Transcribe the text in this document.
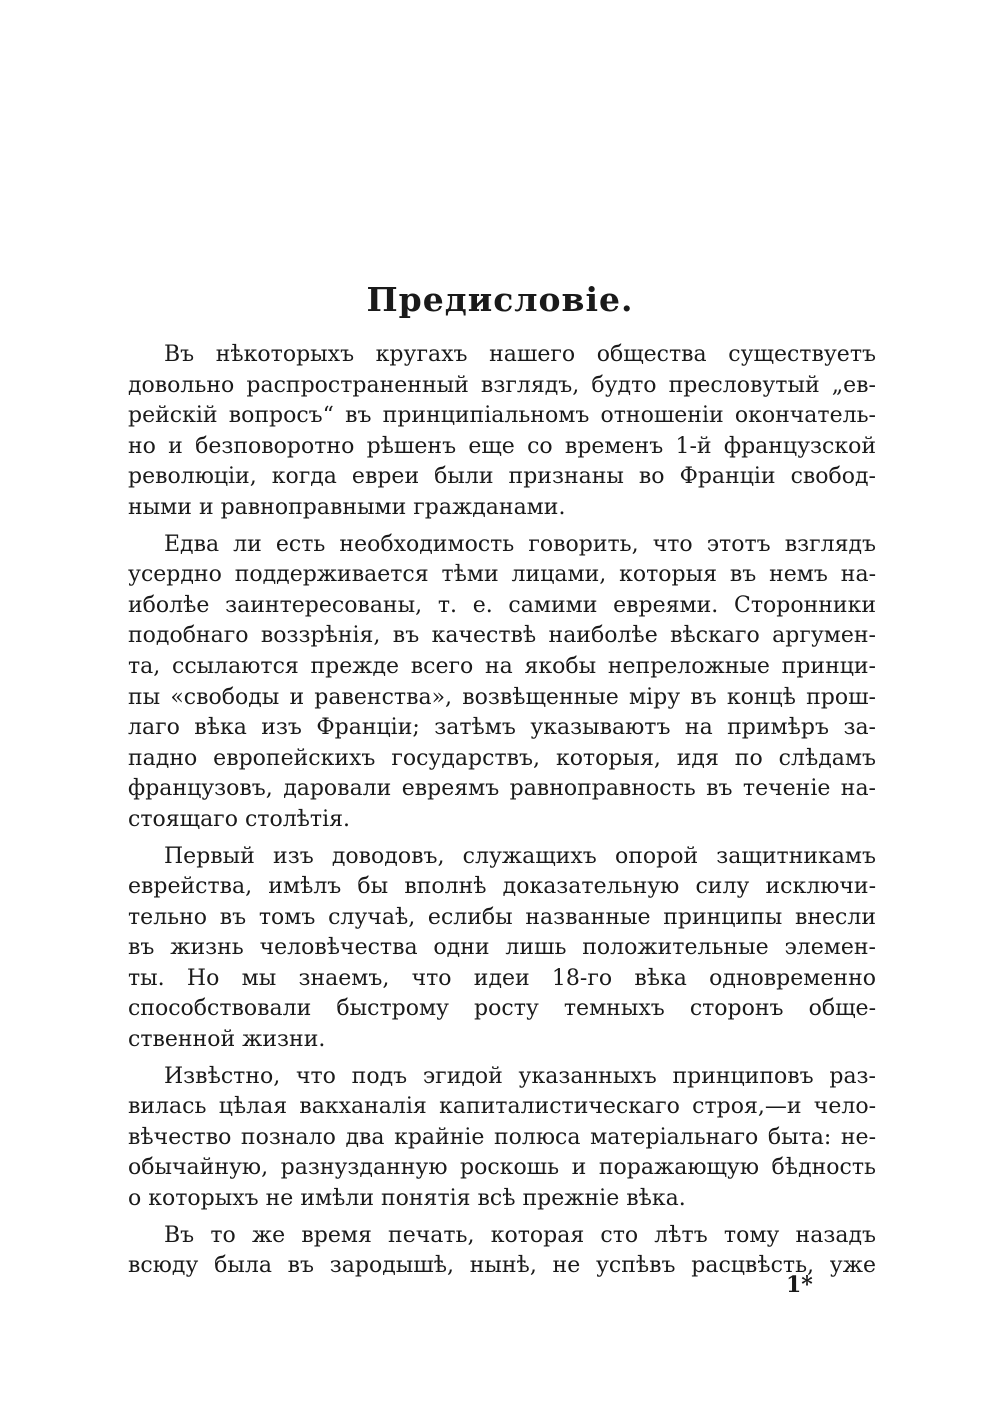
Предисловіе.
Въ нѣкоторыхъ кругахъ нашего общества существуетъ
довольно распространенный взглядъ, будто пресловутый „ев-
рейскій вопросъ“ въ принципіальномъ отношеніи окончатель-
но и безповоротно рѣшенъ еще со временъ 1-й французской
революціи, когда евреи были признаны во Франціи свобод-
ными и равноправными гражданами.
Едва ли есть необходимость говорить, что этотъ взглядъ
усердно поддерживается тѣми лицами, которыя въ немъ на-
иболѣе заинтересованы, т. е. самими евреями. Сторонники
подобнаго воззрѣнія, въ качествѣ наиболѣе вѣскаго аргумен-
та, ссылаются прежде всего на якобы непреложные принци-
пы «свободы и равенства», возвѣщенные міру въ концѣ прош-
лаго вѣка изъ Франціи; затѣмъ указываютъ на примѣръ за-
падно европейскихъ государствъ, которыя, идя по слѣдамъ
французовъ, даровали евреямъ равноправность въ теченіе на-
стоящаго столѣтія.
Первый изъ доводовъ, служащихъ опорой защитникамъ
еврейства, имѣлъ бы вполнѣ доказательную силу исключи-
тельно въ томъ случаѣ, еслибы названные принципы внесли
въ жизнь человѣчества одни лишь положительные элемен-
ты. Но мы знаемъ, что идеи 18-го вѣка одновременно
способствовали быстрому росту темныхъ сторонъ обще-
ственной жизни.
Извѣстно, что подъ эгидой указанныхъ принциповъ раз-
вилась цѣлая вакханалія капиталистическаго строя,—и чело-
вѣчество познало два крайніе полюса матеріальнаго быта: не-
обычайную, разнузданную роскошь и поражающую бѣдность
о которыхъ не имѣли понятія всѣ прежніе вѣка.
Въ то же время печать, которая сто лѣтъ тому назадъ
всюду была въ зародышѣ, нынѣ, не успѣвъ расцвѣсть, уже

1*
